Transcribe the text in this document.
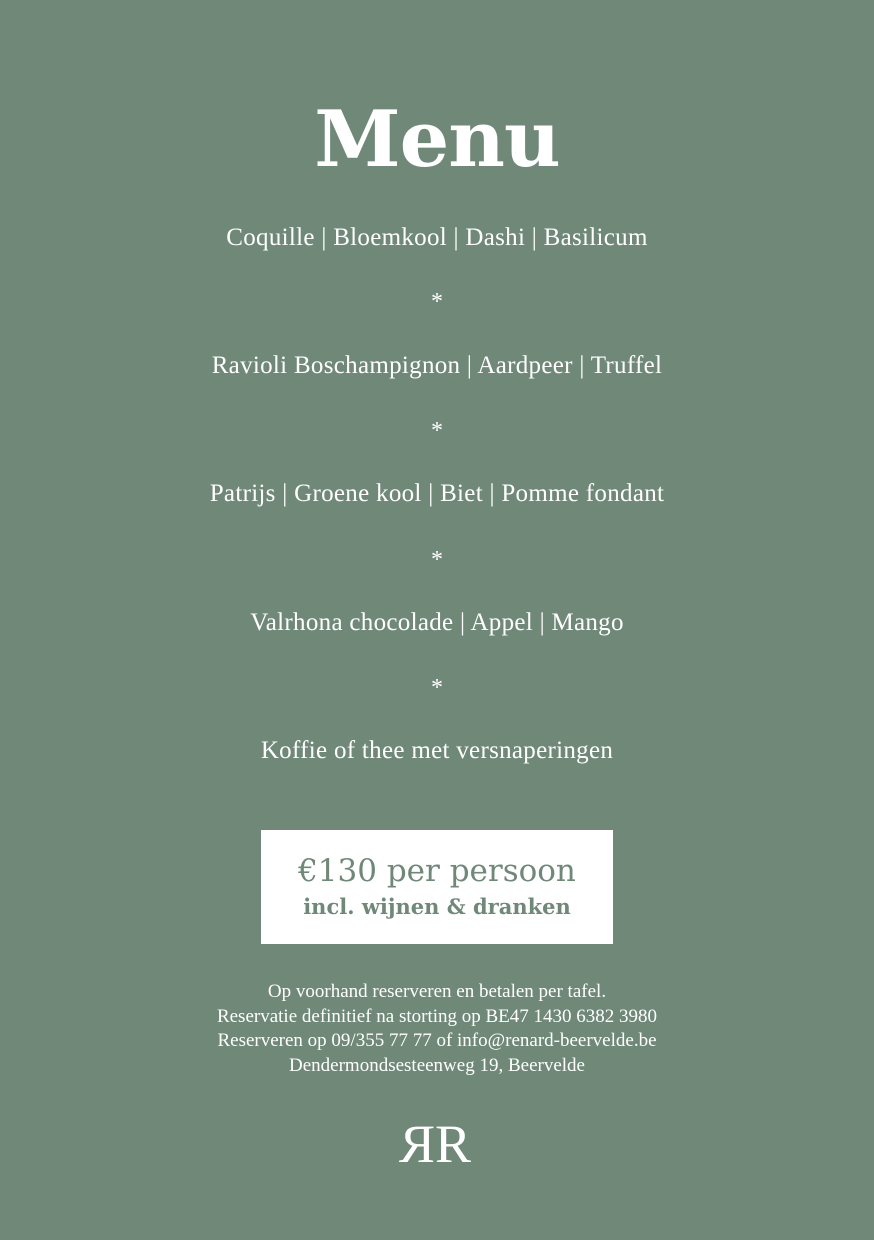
Menu
Coquille | Bloemkool | Dashi | Basilicum
*
Ravioli Boschampignon | Aardpeer | Truffel
*
Patrijs | Groene kool | Biet | Pomme fondant
*
Valrhona chocolade | Appel | Mango
*
Koffie of thee met versnaperingen
€130 per persoon
incl. wijnen & dranken
Op voorhand reserveren en betalen per tafel.
Reservatie definitief na storting op BE47 1430 6382 3980
Reserveren op 09/355 77 77 of info@renard-beervelde.be
Dendermondsesteenweg 19, Beervelde
R R
